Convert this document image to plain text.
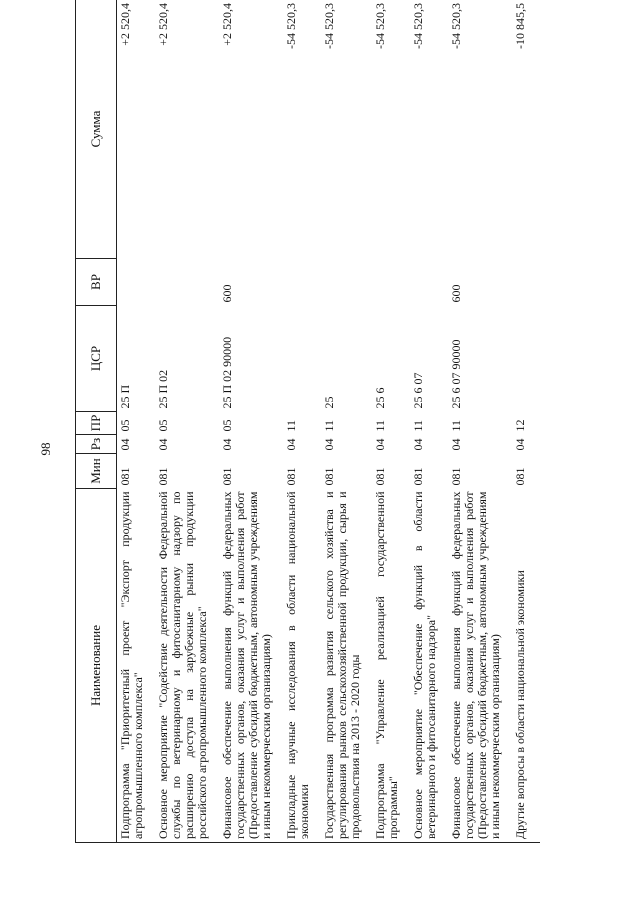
98
Наименование	Мин	Рз	ПР	ЦСР	ВР	Сумма
Подпрограмма "Приоритетный проект "Экспорт продукции агропромышленного комплекса"	081	04	05	25 П		+2 520,4
Основное мероприятие "Содействие деятельности Федеральной службы по ветеринарному и фитосанитарному надзору по расширению доступа на зарубежные рынки продукции российского агропромышленного комплекса"	081	04	05	25 П 02		+2 520,4
Финансовое обеспечение выполнения функций федеральных государственных органов, оказания услуг и выполнения работ (Предоставление субсидий бюджетным, автономным учреждениям и иным некоммерческим организациям)	081	04	05	25 П 02 90000	600	+2 520,4
Прикладные научные исследования в области национальной экономики	081	04	11			-54 520,3
Государственная программа развития сельского хозяйства и регулирования рынков сельскохозяйственной продукции, сырья и продовольствия на 2013 - 2020 годы	081	04	11	25		-54 520,3
Подпрограмма "Управление реализацией государственной программы"	081	04	11	25 6		-54 520,3
Основное мероприятие "Обеспечение функций в области ветеринарного и фитосанитарного надзора"	081	04	11	25 6 07		-54 520,3
Финансовое обеспечение выполнения функций федеральных государственных органов, оказания услуг и выполнения работ (Предоставление субсидий бюджетным, автономным учреждениям и иным некоммерческим организациям)	081	04	11	25 6 07 90000	600	-54 520,3
Другие вопросы в области национальной экономики	081	04	12			-10 845,5
